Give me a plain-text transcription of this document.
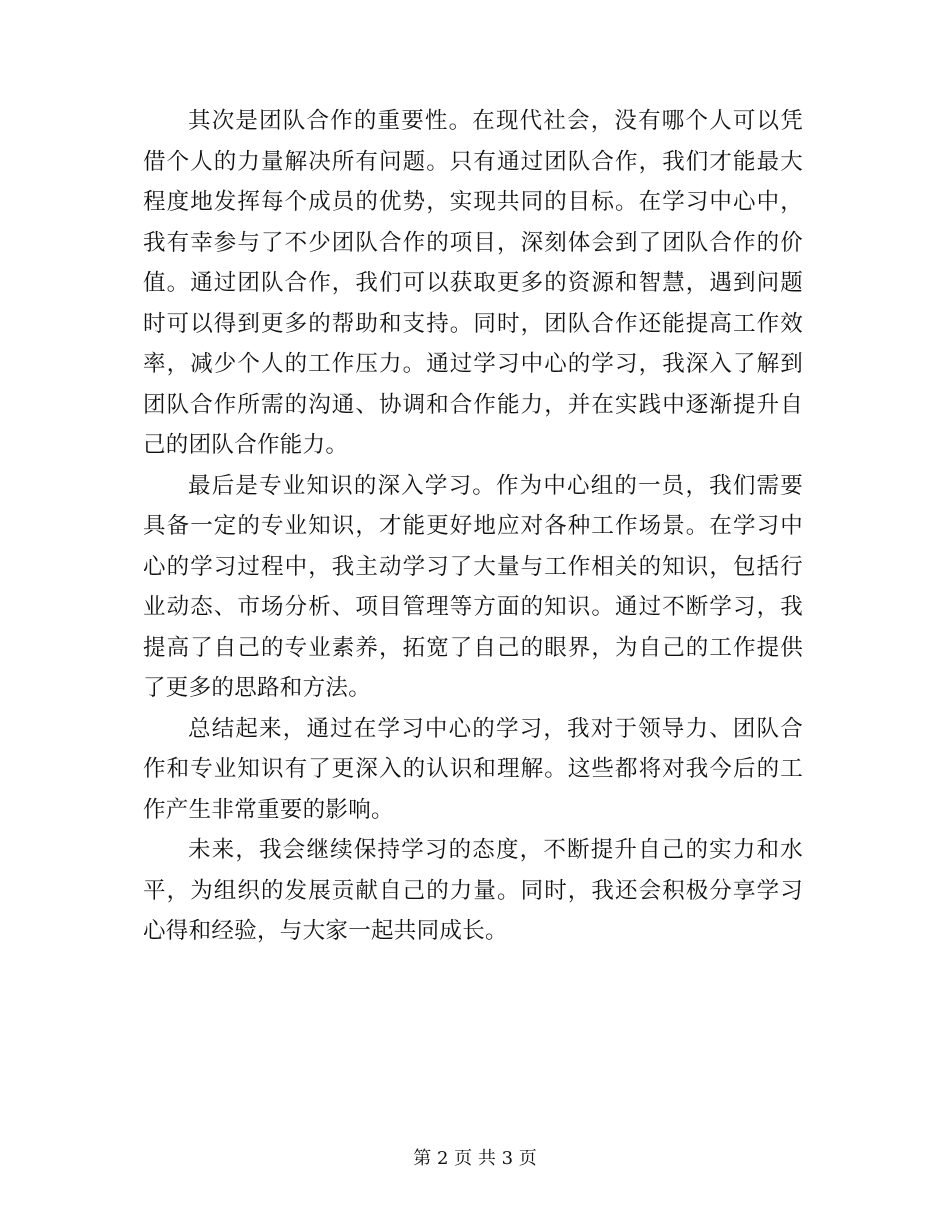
其次是团队合作的重要性。在现代社会，没有哪个人可以凭借个人的力量解决所有问题。只有通过团队合作，我们才能最大程度地发挥每个成员的优势，实现共同的目标。在学习中心中，我有幸参与了不少团队合作的项目，深刻体会到了团队合作的价值。通过团队合作，我们可以获取更多的资源和智慧，遇到问题时可以得到更多的帮助和支持。同时，团队合作还能提高工作效率，减少个人的工作压力。通过学习中心的学习，我深入了解到团队合作所需的沟通、协调和合作能力，并在实践中逐渐提升自己的团队合作能力。

最后是专业知识的深入学习。作为中心组的一员，我们需要具备一定的专业知识，才能更好地应对各种工作场景。在学习中心的学习过程中，我主动学习了大量与工作相关的知识，包括行业动态、市场分析、项目管理等方面的知识。通过不断学习，我提高了自己的专业素养，拓宽了自己的眼界，为自己的工作提供了更多的思路和方法。

总结起来，通过在学习中心的学习，我对于领导力、团队合作和专业知识有了更深入的认识和理解。这些都将对我今后的工作产生非常重要的影响。

未来，我会继续保持学习的态度，不断提升自己的实力和水平，为组织的发展贡献自己的力量。同时，我还会积极分享学习心得和经验，与大家一起共同成长。

第 2 页 共 3 页
